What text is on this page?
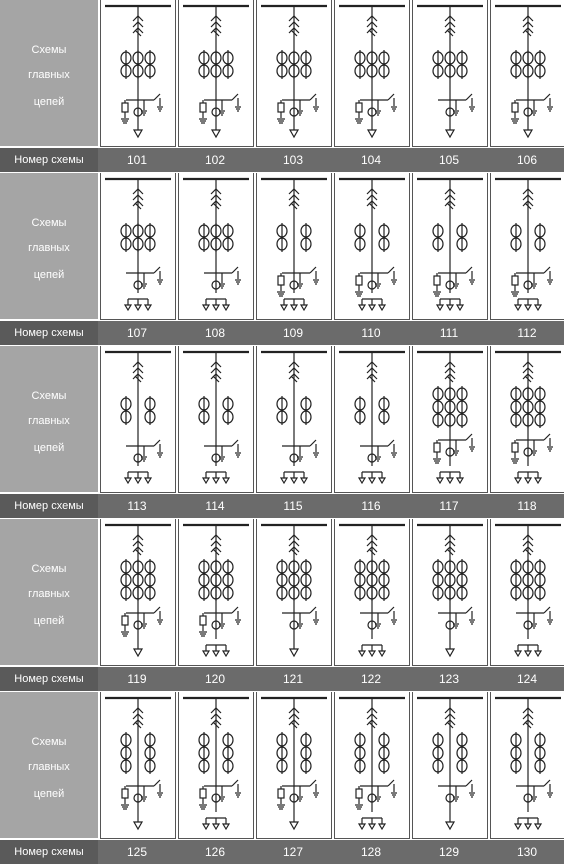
Схемы
главных
цепей
Номер схемы	101	102	103	104	105	106
Схемы
главных
цепей
Номер схемы	107	108	109	110	111	112
Схемы
главных
цепей
Номер схемы	113	114	115	116	117	118
Схемы
главных
цепей
Номер схемы	119	120	121	122	123	124
Схемы
главных
цепей
Номер схемы	125	126	127	128	129	130
